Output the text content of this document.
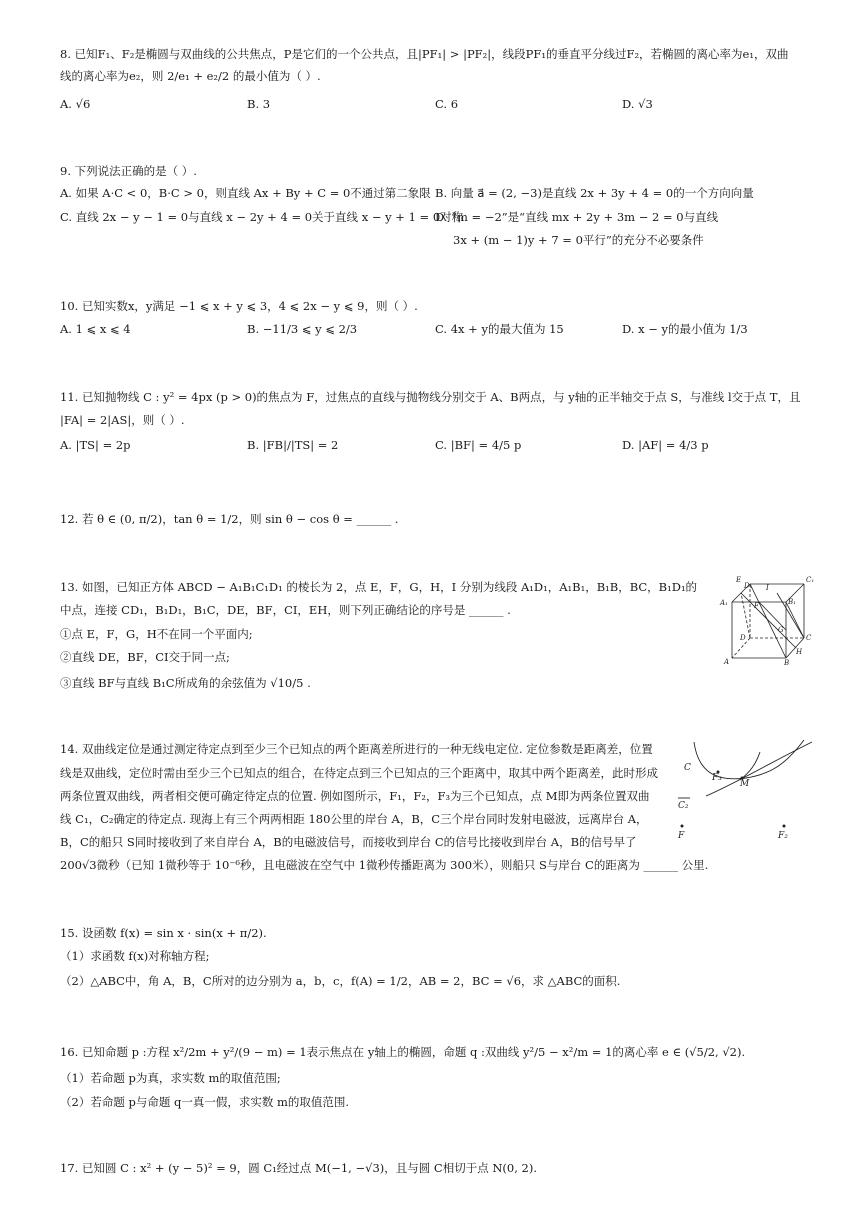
8. 已知F₁、F₂是椭圆与双曲线的公共焦点，P是它们的一个公共点，且|PF₁| > |PF₂|，线段PF₁的垂直平分线过F₂，若椭圆的离心率为e₁，双曲
线的离心率为e₂，则 2/e₁ + e₂/2 的最小值为（ ）.
A. √6	B. 3	C. 6	D. √3
9. 下列说法正确的是（ ）.
A. 如果 A·C < 0，B·C > 0，则直线 Ax + By + C = 0不通过第二象限 B. 向量 a⃗ = (2, −3)是直线 2x + 3y + 4 = 0的一个方向向量
C. 直线 2x − y − 1 = 0与直线 x − 2y + 4 = 0关于直线 x − y + 1 = 0对称
D. “m = −2”是“直线 mx + 2y + 3m − 2 = 0与直线
3x + (m − 1)y + 7 = 0平行”的充分不必要条件
10. 已知实数x，y满足 −1 ⩽ x + y ⩽ 3，4 ⩽ 2x − y ⩽ 9，则（ ）.
A. 1 ⩽ x ⩽ 4	B. −11/3 ⩽ y ⩽ 2/3	C. 4x + y的最大值为 15	D. x − y的最小值为 1/3
11. 已知抛物线 C : y² = 4px (p > 0)的焦点为 F，过焦点的直线与抛物线分别交于 A、B两点，与 y轴的正半轴交于点 S，与准线 l交于点 T，且
|FA| = 2|AS|，则（ ）.
A. |TS| = 2p	B. |FB|/|TS| = 2	C. |BF| = 4/5 p	D. |AF| = 4/3 p
12. 若 θ ∈ (0, π/2)，tan θ = 1/2，则 sin θ − cos θ = ______ .
13. 如图，已知正方体 ABCD − A₁B₁C₁D₁ 的棱长为 2，点 E，F，G，H，I 分别为线段 A₁D₁，A₁B₁，B₁B，BC，B₁D₁的
中点，连接 CD₁，B₁D₁，B₁C，DE，BF，CI，EH，则下列正确结论的序号是 ______ .
①点 E，F，G，H不在同一个平面内;
②直线 DE，BF，CI交于同一点;
③直线 BF与直线 B₁C所成角的余弦值为 √10/5 .
E
D₁ I
C₁
A₁	F	B₁
G
D	C
A	B
H
14. 双曲线定位是通过测定待定点到至少三个已知点的两个距离差所进行的一种无线电定位. 定位参数是距离差，位置
线是双曲线，定位时需由至少三个已知点的组合，在待定点到三个已知点的三个距离中，取其中两个距离差，此时形成
两条位置双曲线，两者相交便可确定待定点的位置. 例如图所示，F₁，F₂，F₃为三个已知点，点 M即为两条位置双曲
线 C₁，C₂确定的待定点. 现海上有三个两两相距 180公里的岸台 A，B，C三个岸台同时发射电磁波，远离岸台 A，
B，C的船只 S同时接收到了来自岸台 A，B的电磁波信号，而接收到岸台 C的信号比接收到岸台 A，B的信号早了
200√3微秒（已知 1微秒等于 10⁻⁶秒，且电磁波在空气中 1微秒传播距离为 300米），则船只 S与岸台 C的距离为 ______ 公里.
C
F₃
M
C₂
F	F₂
15. 设函数 f(x) = sin x · sin(x + π/2).
（1）求函数 f(x)对称轴方程;
（2）△ABC中，角 A，B，C所对的边分别为 a，b，c，f(A) = 1/2，AB = 2，BC = √6，求 △ABC的面积.
16. 已知命题 p :方程 x²/2m + y²/(9 − m) = 1表示焦点在 y轴上的椭圆，命题 q :双曲线 y²/5 − x²/m = 1的离心率 e ∈ (√5/2, √2).
（1）若命题 p为真，求实数 m的取值范围;
（2）若命题 p与命题 q一真一假，求实数 m的取值范围.
17. 已知圆 C : x² + (y − 5)² = 9，圆 C₁经过点 M(−1, −√3)，且与圆 C相切于点 N(0, 2).
